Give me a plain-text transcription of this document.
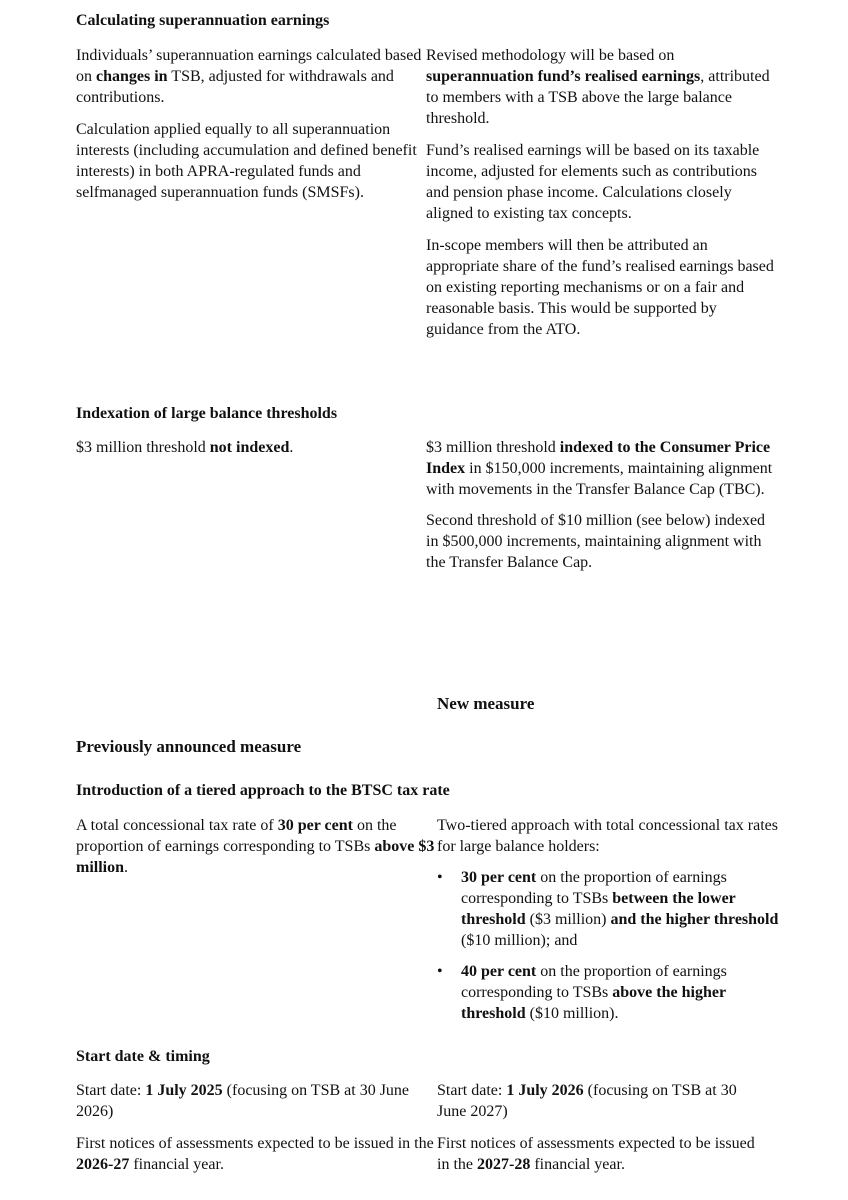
Calculating superannuation earnings

Individuals’ superannuation earnings calculated based on changes in TSB, adjusted for withdrawals and contributions.

Calculation applied equally to all superannuation interests (including accumulation and defined benefit interests) in both APRA-regulated funds and selfmanaged superannuation funds (SMSFs).

Revised methodology will be based on superannuation fund’s realised earnings, attributed to members with a TSB above the large balance threshold.

Fund’s realised earnings will be based on its taxable income, adjusted for elements such as contributions and pension phase income. Calculations closely aligned to existing tax concepts.

In-scope members will then be attributed an appropriate share of the fund’s realised earnings based on existing reporting mechanisms or on a fair and reasonable basis. This would be supported by guidance from the ATO.

Indexation of large balance thresholds

$3 million threshold not indexed.	$3 million threshold indexed to the Consumer Price Index in $150,000 increments, maintaining alignment with movements in the Transfer Balance Cap (TBC).

Second threshold of $10 million (see below) indexed in $500,000 increments, maintaining alignment with the Transfer Balance Cap.

New measure
Previously announced measure
Introduction of a tiered approach to the BTSC tax rate

A total concessional tax rate of 30 per cent on the proportion of earnings corresponding to TSBs above $3 million.

Two-tiered approach with total concessional tax rates for large balance holders:

• 30 per cent on the proportion of earnings corresponding to TSBs between the lower threshold ($3 million) and the higher threshold ($10 million); and
• 40 per cent on the proportion of earnings corresponding to TSBs above the higher threshold ($10 million).
Start date & timing

Start date: 1 July 2025 (focusing on TSB at 30 June 2026)

First notices of assessments expected to be issued in the 2026-27 financial year.

Start date: 1 July 2026 (focusing on TSB at 30 June 2027)

First notices of assessments expected to be issued in the 2027-28 financial year.
